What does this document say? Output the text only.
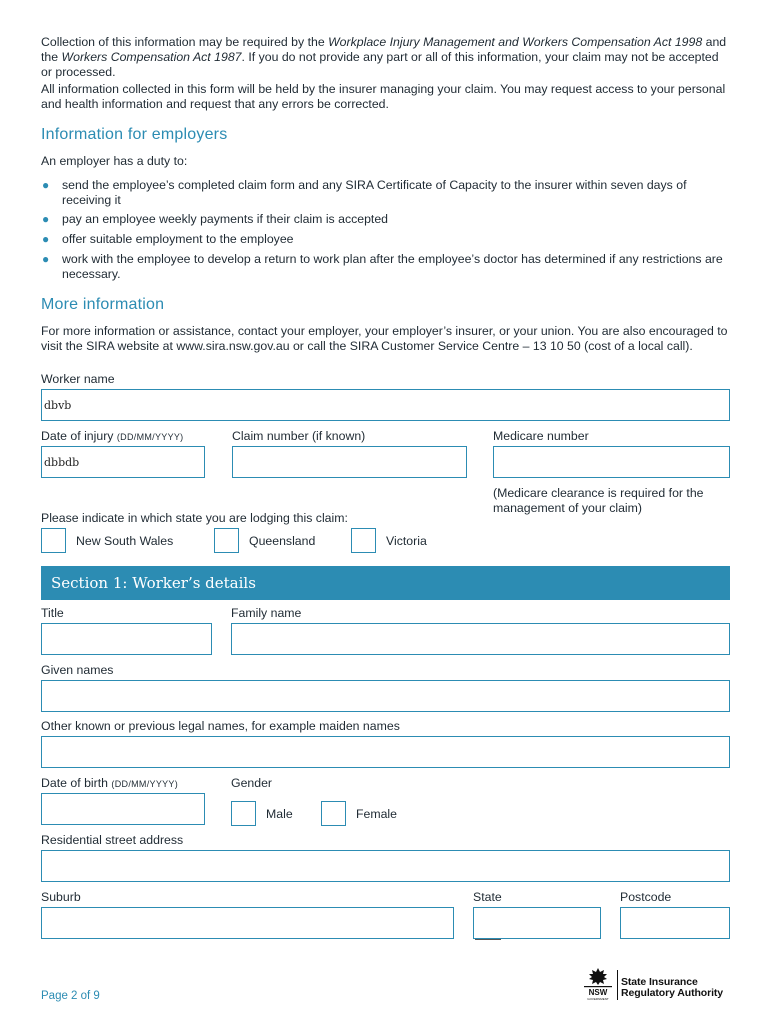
Collection of this information may be required by the Workplace Injury Management and Workers Compensation Act 1998 and the Workers Compensation Act 1987. If you do not provide any part or all of this information, your claim may not be accepted or processed.

All information collected in this form will be held by the insurer managing your claim. You may request access to your personal and health information and request that any errors be corrected.

Information for employers

An employer has a duty to:

● send the employee’s completed claim form and any SIRA Certificate of Capacity to the insurer within seven days of receiving it
● pay an employee weekly payments if their claim is accepted
● offer suitable employment to the employee
● work with the employee to develop a return to work plan after the employee’s doctor has determined if any restrictions are necessary.
More information

For more information or assistance, contact your employer, your employer’s insurer, or your union. You are also encouraged to visit the SIRA website at www.sira.nsw.gov.au or call the SIRA Customer Service Centre – 13 10 50 (cost of a local call).

Worker name
dbvb
Date of injury (DD/MM/YYYY)
dbbdb
Claim number (if known)	Medicare number
(Medicare clearance is required for the management of your claim)
Please indicate in which state you are lodging this claim:
New South Wales	Queensland	Victoria
Section 1: Worker’s details
Title	Family name
Given names
Other known or previous legal names, for example maiden names
Date of birth (DD/MM/YYYY)	Gender
Male	Female
Residential street address
Suburb	State	Postcode
Page 2 of 9	NSW
GOVERNMENT
State Insurance
Regulatory Authority
